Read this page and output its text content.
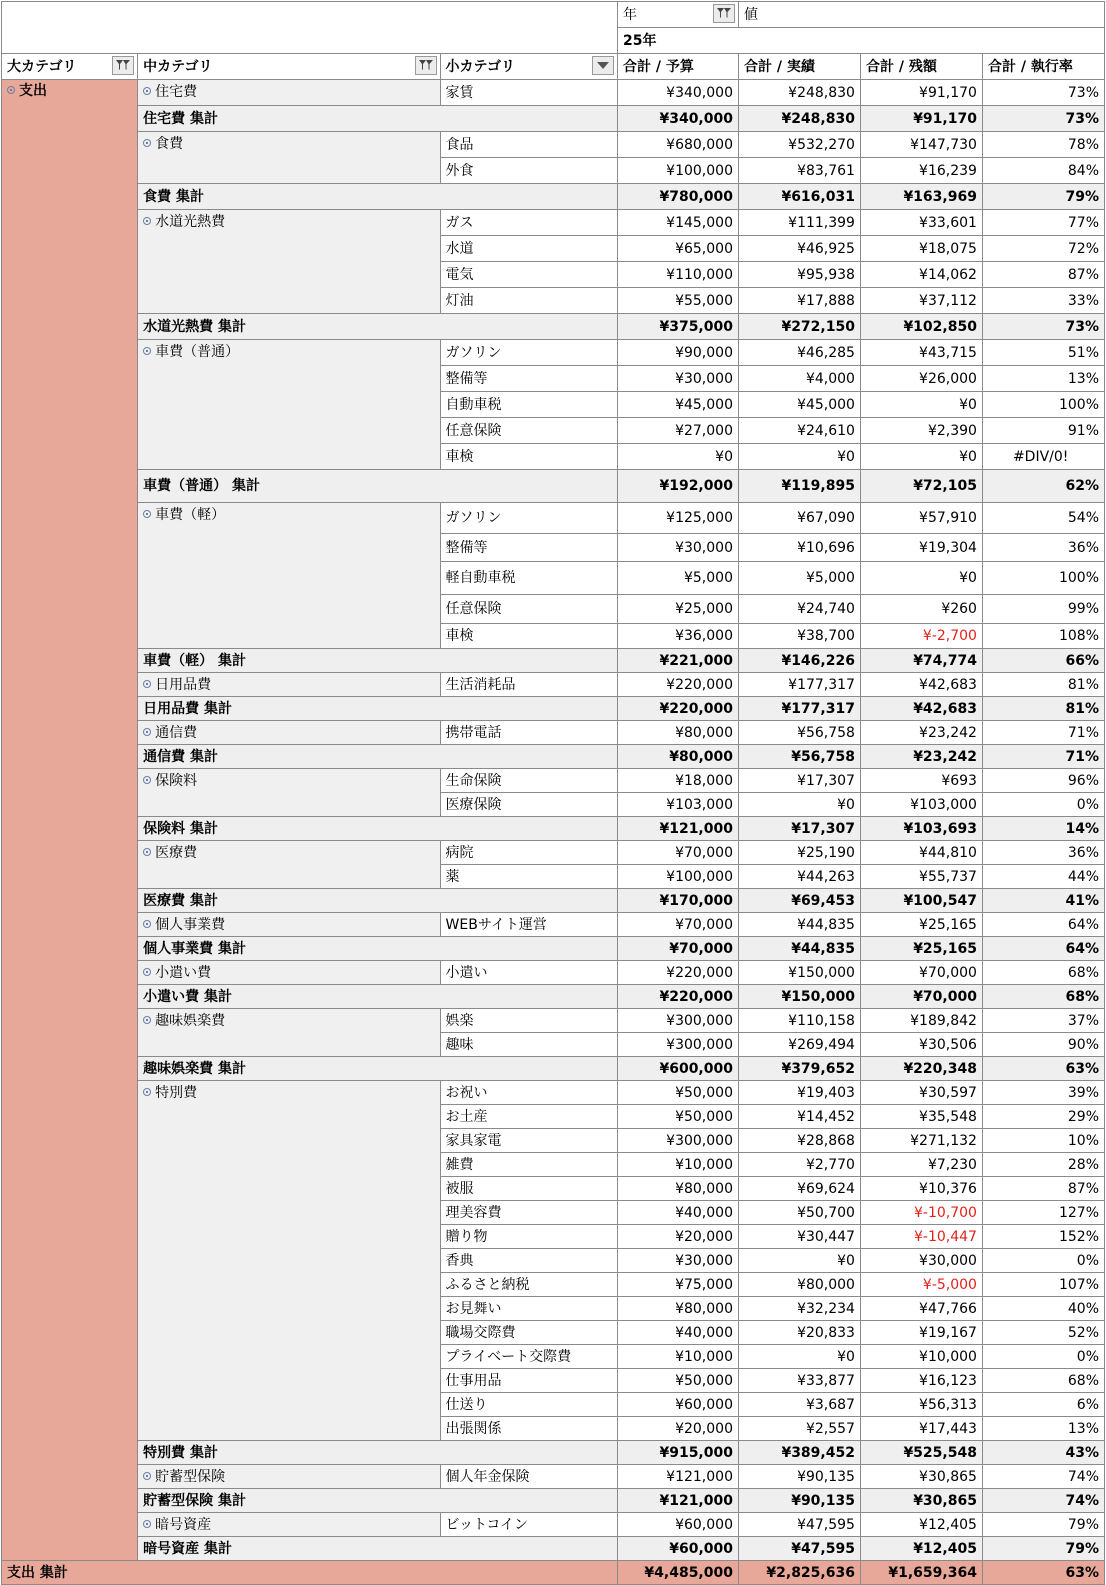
			年	値		
			25年			
大カテゴリ	中カテゴリ	小カテゴリ	合計 / 予算	合計 / 実績	合計 / 残額	合計 / 執行率
支出	住宅費	家賃	¥340,000	¥248,830	¥91,170	73%
	住宅費 集計		¥340,000	¥248,830	¥91,170	73%
	食費	食品	¥680,000	¥532,270	¥147,730	78%
		外食	¥100,000	¥83,761	¥16,239	84%
	食費 集計		¥780,000	¥616,031	¥163,969	79%
	水道光熱費	ガス	¥145,000	¥111,399	¥33,601	77%
		水道	¥65,000	¥46,925	¥18,075	72%
		電気	¥110,000	¥95,938	¥14,062	87%
		灯油	¥55,000	¥17,888	¥37,112	33%
	水道光熱費 集計		¥375,000	¥272,150	¥102,850	73%
	車費（普通）	ガソリン	¥90,000	¥46,285	¥43,715	51%
		整備等	¥30,000	¥4,000	¥26,000	13%
		自動車税	¥45,000	¥45,000	¥0	100%
		任意保険	¥27,000	¥24,610	¥2,390	91%
		車検	¥0	¥0	¥0	#DIV/0!
	車費（普通） 集計		¥192,000	¥119,895	¥72,105	62%
	車費（軽）	ガソリン	¥125,000	¥67,090	¥57,910	54%
		整備等	¥30,000	¥10,696	¥19,304	36%
		軽自動車税	¥5,000	¥5,000	¥0	100%
		任意保険	¥25,000	¥24,740	¥260	99%
		車検	¥36,000	¥38,700	¥-2,700	108%
	車費（軽） 集計		¥221,000	¥146,226	¥74,774	66%
	日用品費	生活消耗品	¥220,000	¥177,317	¥42,683	81%
	日用品費 集計		¥220,000	¥177,317	¥42,683	81%
	通信費	携帯電話	¥80,000	¥56,758	¥23,242	71%
	通信費 集計		¥80,000	¥56,758	¥23,242	71%
	保険料	生命保険	¥18,000	¥17,307	¥693	96%
		医療保険	¥103,000	¥0	¥103,000	0%
	保険料 集計		¥121,000	¥17,307	¥103,693	14%
	医療費	病院	¥70,000	¥25,190	¥44,810	36%
		薬	¥100,000	¥44,263	¥55,737	44%
	医療費 集計		¥170,000	¥69,453	¥100,547	41%
	個人事業費	WEBサイト運営	¥70,000	¥44,835	¥25,165	64%
	個人事業費 集計		¥70,000	¥44,835	¥25,165	64%
	小遣い費	小遣い	¥220,000	¥150,000	¥70,000	68%
	小遣い費 集計		¥220,000	¥150,000	¥70,000	68%
	趣味娯楽費	娯楽	¥300,000	¥110,158	¥189,842	37%
		趣味	¥300,000	¥269,494	¥30,506	90%
	趣味娯楽費 集計		¥600,000	¥379,652	¥220,348	63%
	特別費	お祝い	¥50,000	¥19,403	¥30,597	39%
		お土産	¥50,000	¥14,452	¥35,548	29%
		家具家電	¥300,000	¥28,868	¥271,132	10%
		雑費	¥10,000	¥2,770	¥7,230	28%
		被服	¥80,000	¥69,624	¥10,376	87%
		理美容費	¥40,000	¥50,700	¥-10,700	127%
		贈り物	¥20,000	¥30,447	¥-10,447	152%
		香典	¥30,000	¥0	¥30,000	0%
		ふるさと納税	¥75,000	¥80,000	¥-5,000	107%
		お見舞い	¥80,000	¥32,234	¥47,766	40%
		職場交際費	¥40,000	¥20,833	¥19,167	52%
		プライベート交際費	¥10,000	¥0	¥10,000	0%
		仕事用品	¥50,000	¥33,877	¥16,123	68%
		仕送り	¥60,000	¥3,687	¥56,313	6%
		出張関係	¥20,000	¥2,557	¥17,443	13%
	特別費 集計		¥915,000	¥389,452	¥525,548	43%
	貯蓄型保険	個人年金保険	¥121,000	¥90,135	¥30,865	74%
	貯蓄型保険 集計		¥121,000	¥90,135	¥30,865	74%
	暗号資産	ビットコイン	¥60,000	¥47,595	¥12,405	79%
	暗号資産 集計		¥60,000	¥47,595	¥12,405	79%
支出 集計			¥4,485,000	¥2,825,636	¥1,659,364	63%
